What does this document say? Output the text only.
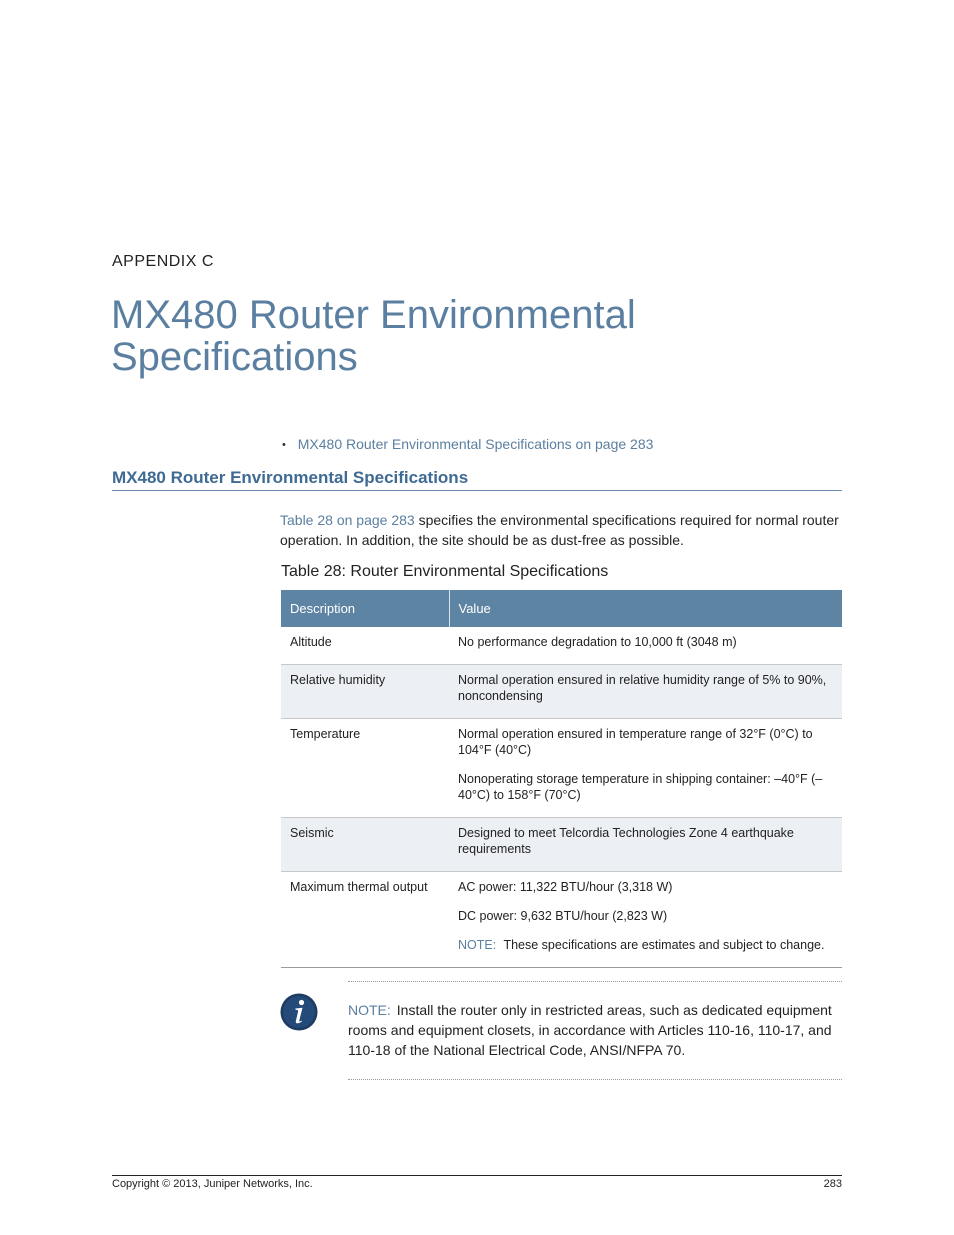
APPENDIX C
MX480 Router Environmental Specifications
• MX480 Router Environmental Specifications on page 283
MX480 Router Environmental Specifications

Table 28 on page 283 specifies the environmental specifications required for normal router operation. In addition, the site should be as dust-free as possible.

Table 28: Router Environmental Specifications
Description	Value
Altitude	No performance degradation to 10,000 ft (3048 m)

Relative humidity	Normal operation ensured in relative humidity range of 5% to 90%, noncondensing

Temperature	Normal operation ensured in temperature range of 32°F (0°C) to 104°F (40°C)

Nonoperating storage temperature in shipping container: –40°F (–40°C) to 158°F (70°C)

Seismic	Designed to meet Telcordia Technologies Zone 4 earthquake requirements

Maximum thermal output	AC power: 11,322 BTU/hour (3,318 W)

DC power: 9,632 BTU/hour (2,823 W)

NOTE: These specifications are estimates and subject to change.

NOTE: Install the router only in restricted areas, such as dedicated equipment rooms and equipment closets, in accordance with Articles 110-16, 110-17, and 110-18 of the National Electrical Code, ANSI/NFPA 70.

Copyright © 2013, Juniper Networks, Inc.	283
